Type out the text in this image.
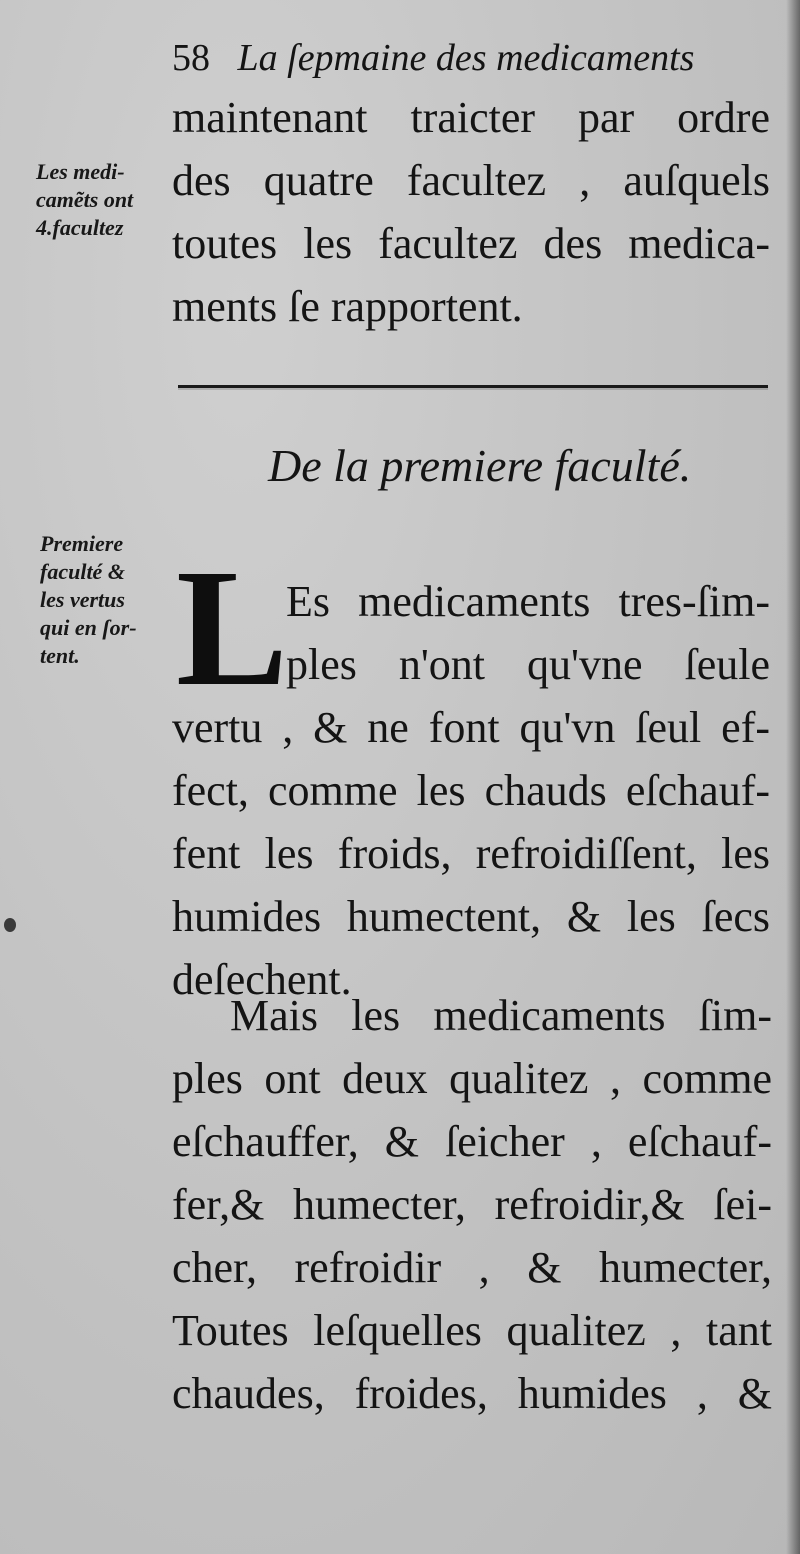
58 La ſepmaine des medicaments
Les medi-
camẽts ont
4.facultez
maintenant traicter par ordre
des quatre facultez , auſquels
toutes les facultez des medica-
ments ſe rapportent.
De la premiere faculté.
Premiere
faculté &
les vertus
qui en ſor-
tent. L
Es medicaments tres-ſim-
ples n'ont qu'vne ſeule
vertu , & ne font qu'vn ſeul ef-
fect, comme les chauds eſchauf-
fent les froids, refroidiſſent, les
humides humectent, & les ſecs
deſechent.
Mais les medicaments ſim-
ples ont deux qualitez , comme
eſchauffer, & ſeicher , eſchauf-
fer,& humecter, refroidir,& ſei-
cher, refroidir , & humecter,
Toutes leſquelles qualitez , tant
chaudes, froides, humides , &
